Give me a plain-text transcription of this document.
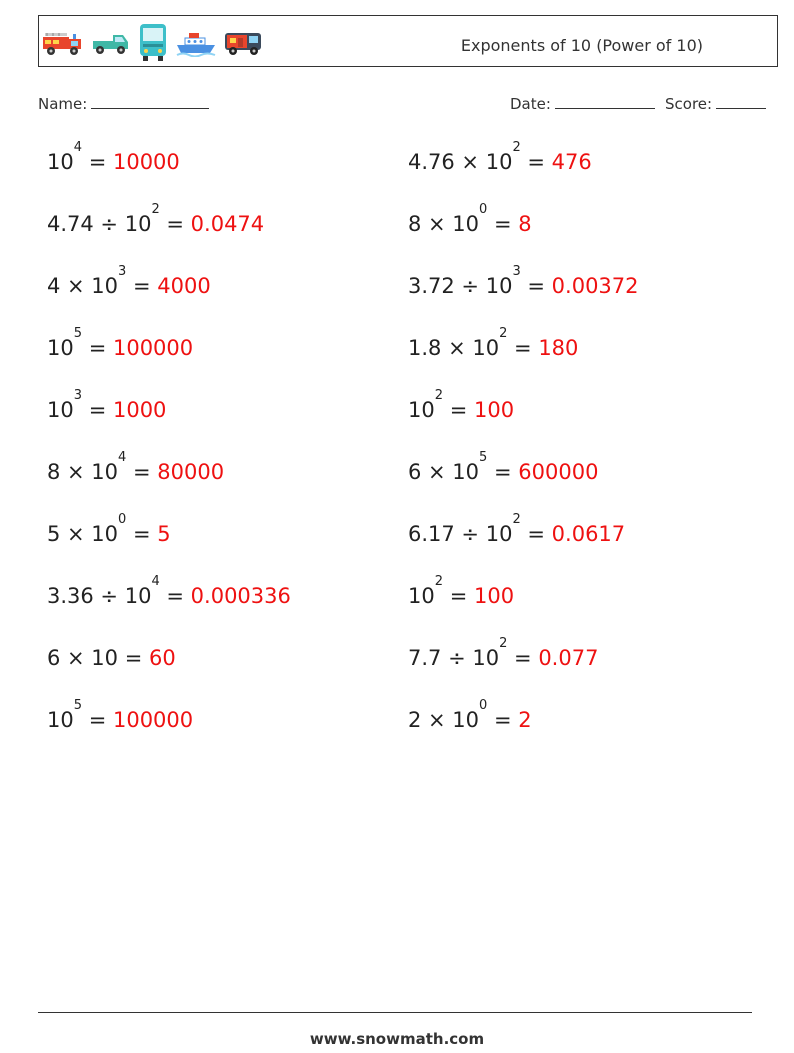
Exponents of 10 (Power of 10)
Name:	Date:	Score:
$10^4 = 10000$
$4.74 \div 10^2 = 0.0474$
$4 \times 10^3 = 4000$
$10^5 = 100000$
$10^3 = 1000$
$8 \times 10^4 = 80000$
$5 \times 10^0 = 5$
$3.36 \div 10^4 = 0.000336$
6 × 10 = 60
$10^5 = 100000$
$4.76 \times 10^2 = 476$
$8 \times 10^0 = 8$
$3.72 \div 10^3 = 0.00372$
$1.8 \times 10^2 = 180$
$10^2 = 100$
$6 \times 10^5 = 600000$
$6.17 \div 10^2 = 0.0617$
$10^2 = 100$
$7.7 \div 10^2 = 0.077$
$2 \times 10^0 = 2$
www.snowmath.com
